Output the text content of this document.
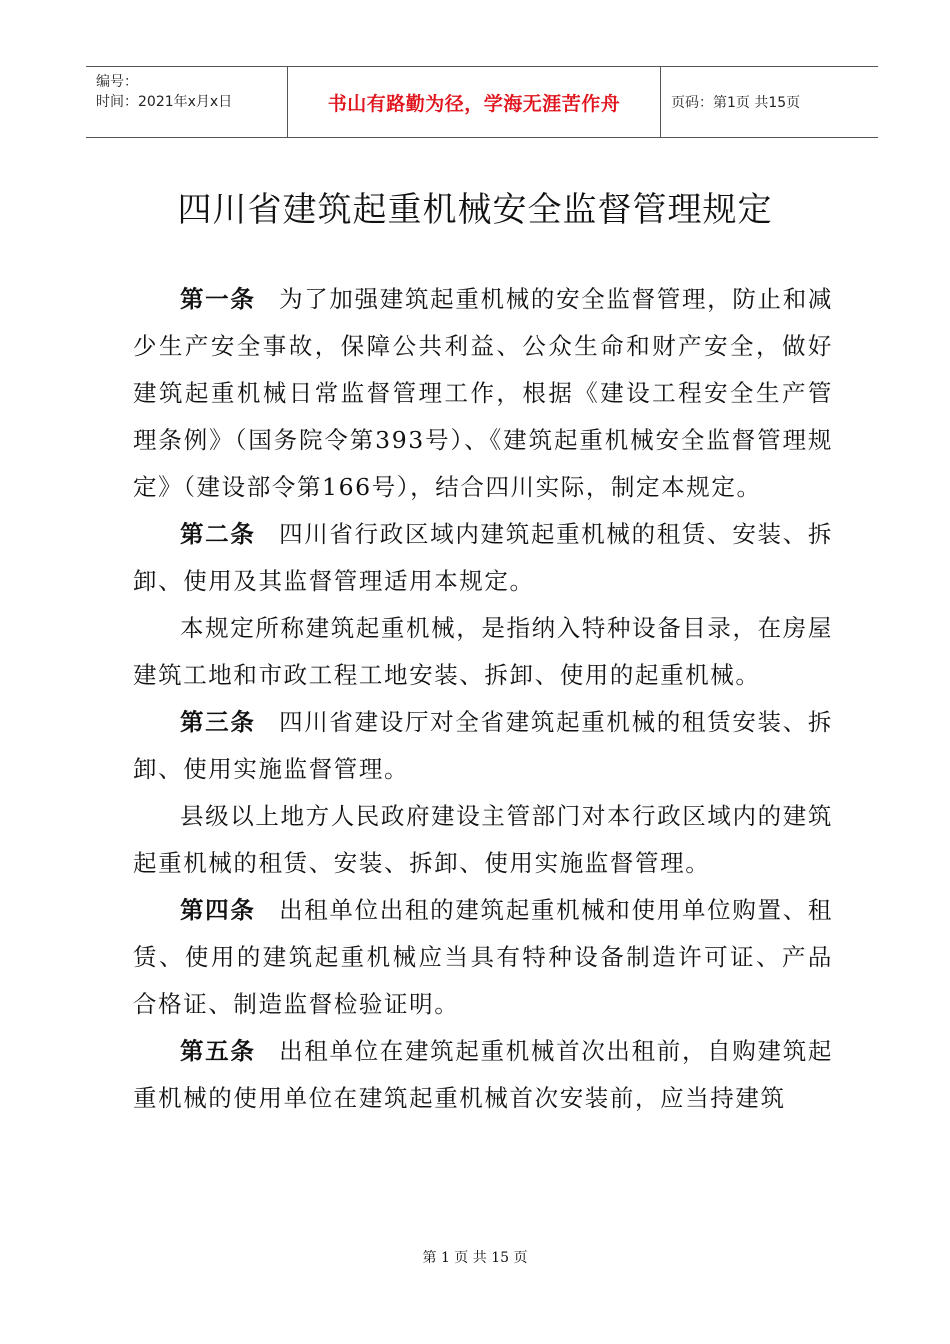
编号：
时间：2021年x月x日	书山有路勤为径，学海无涯苦作舟	页码：第1页 共15页
四川省建筑起重机械安全监督管理规定

第一条 为了加强建筑起重机械的安全监督管理，防止和减少生产安全事故，保障公共利益、公众生命和财产安全，做好建筑起重机械日常监督管理工作，根据《建设工程安全生产管理条例》（国务院令第393号）、《建筑起重机械安全监督管理规定》（建设部令第166号），结合四川实际，制定本规定。

第二条 四川省行政区域内建筑起重机械的租赁、安装、拆卸、使用及其监督管理适用本规定。

本规定所称建筑起重机械，是指纳入特种设备目录，在房屋建筑工地和市政工程工地安装、拆卸、使用的起重机械。

第三条 四川省建设厅对全省建筑起重机械的租赁安装、拆卸、使用实施监督管理。

县级以上地方人民政府建设主管部门对本行政区域内的建筑起重机械的租赁、安装、拆卸、使用实施监督管理。

第四条 出租单位出租的建筑起重机械和使用单位购置、租赁、使用的建筑起重机械应当具有特种设备制造许可证、产品合格证、制造监督检验证明。

第五条 出租单位在建筑起重机械首次出租前，自购建筑起重机械的使用单位在建筑起重机械首次安装前，应当持建筑

第 1 页 共 15 页
